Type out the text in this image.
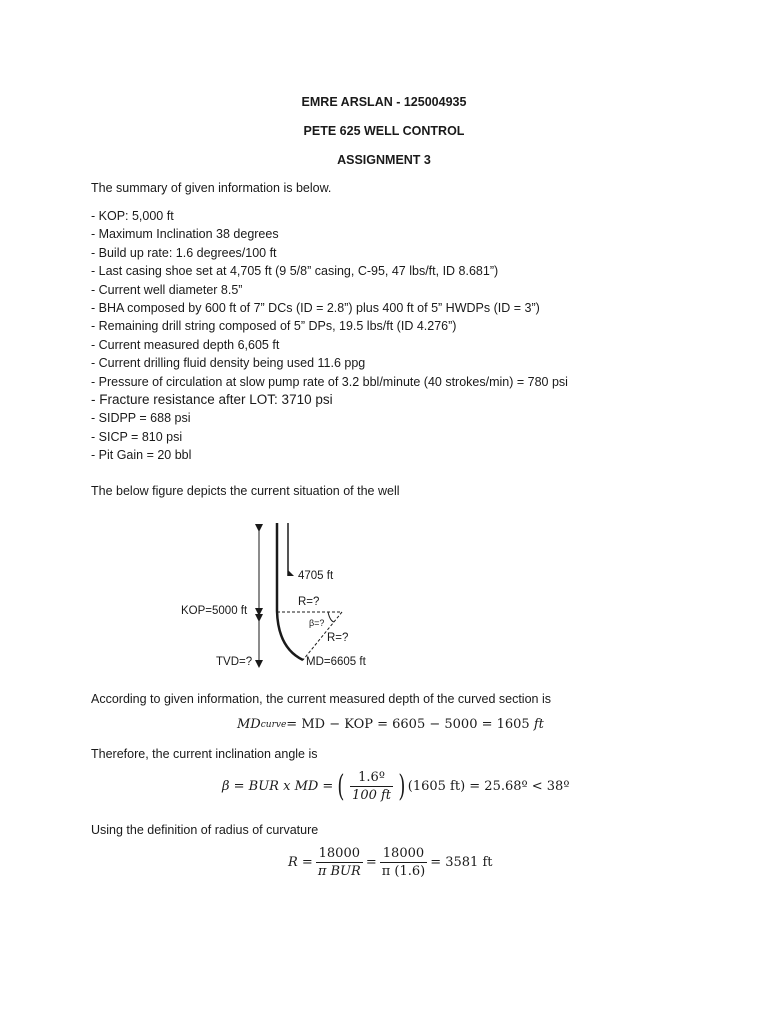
EMRE ARSLAN - 125004935
PETE 625 WELL CONTROL
ASSIGNMENT 3
The summary of given information is below.
- KOP: 5,000 ft
- Maximum Inclination 38 degrees
- Build up rate: 1.6 degrees/100 ft
- Last casing shoe set at 4,705 ft (9 5/8” casing, C-95, 47 lbs/ft, ID 8.681”)
- Current well diameter 8.5”
- BHA composed by 600 ft of 7” DCs (ID = 2.8”) plus 400 ft of 5” HWDPs (ID = 3”)
- Remaining drill string composed of 5” DPs, 19.5 lbs/ft (ID 4.276”)
- Current measured depth 6,605 ft
- Current drilling fluid density being used 11.6 ppg
- Pressure of circulation at slow pump rate of 3.2 bbl/minute (40 strokes/min) = 780 psi
- Fracture resistance after LOT: 3710 psi
- SIDPP = 688 psi
- SICP = 810 psi
- Pit Gain = 20 bbl
The below figure depicts the current situation of the well
4705 ft
R=?
KOP=5000 ft
β=?
R=?
TVD=?	MD=6605 ft
According to given information, the current measured depth of the curved section is
MD curve = MD − KOP = 6605 − 5000 = 1605 ft
Therefore, the current inclination angle is
β = BUR x MD = ( $\frac{\text{1.6º}}{100 ft}$ ) (1605 ft) = 25.68º < 38º
Using the definition of radius of curvature
$R = \frac{18000}{\text{π BUR}} = \frac{18000}{\pi (1.6)} = 3581$ ft
